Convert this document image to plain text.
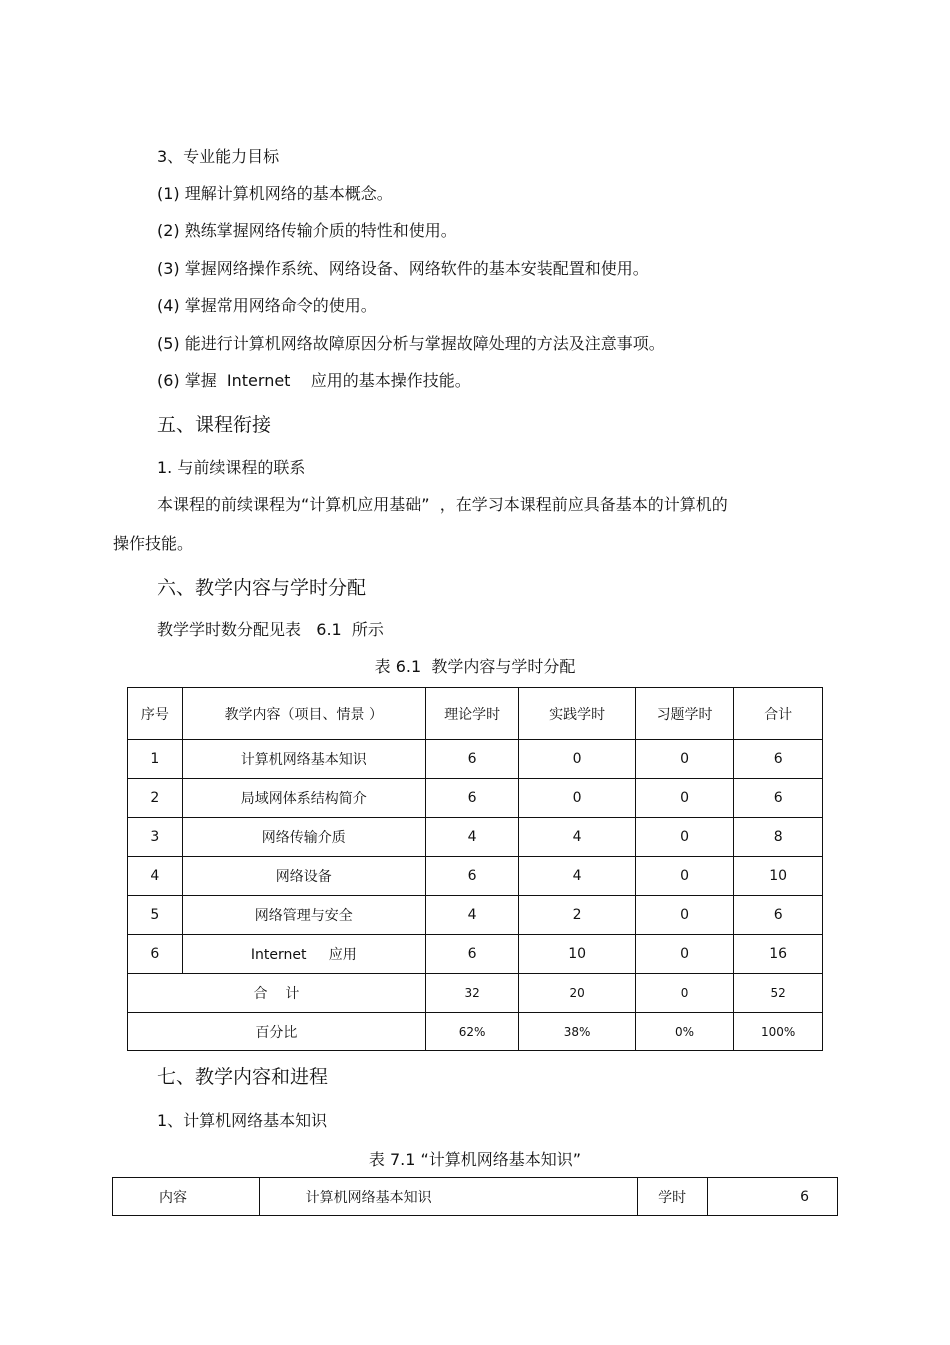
3、专业能力目标
(1) 理解计算机网络的基本概念。
(2) 熟练掌握网络传输介质的特性和使用。
(3) 掌握网络操作系统、网络设备、网络软件的基本安装配置和使用。
(4) 掌握常用网络命令的使用。
(5) 能进行计算机网络故障原因分析与掌握故障处理的方法及注意事项。
(6) 掌握  Internet    应用的基本操作技能。
五、课程衔接
1. 与前续课程的联系
本课程的前续课程为“计算机应用基础”  ，在学习本课程前应具备基本的计算机的
操作技能。
六、教学内容与学时分配
教学学时数分配见表   6.1  所示
表 6.1  教学内容与学时分配
序号	教学内容（项目、情景 ）	理论学时	实践学时	习题学时	合计
1	计算机网络基本知识	6	0	0	6
2	局域网体系结构简介	6	0	0	6
3	网络传输介质	4	4	0	8
4	网络设备	6	4	0	10
5	网络管理与安全	4	2	0	6
6	Internet     应用	6	10	0	16
合    计		32	20	0	52
百分比		62%	38%	0%	100%
七、教学内容和进程
1、计算机网络基本知识
表 7.1 “计算机网络基本知识”
内容	计算机网络基本知识	学时	6
